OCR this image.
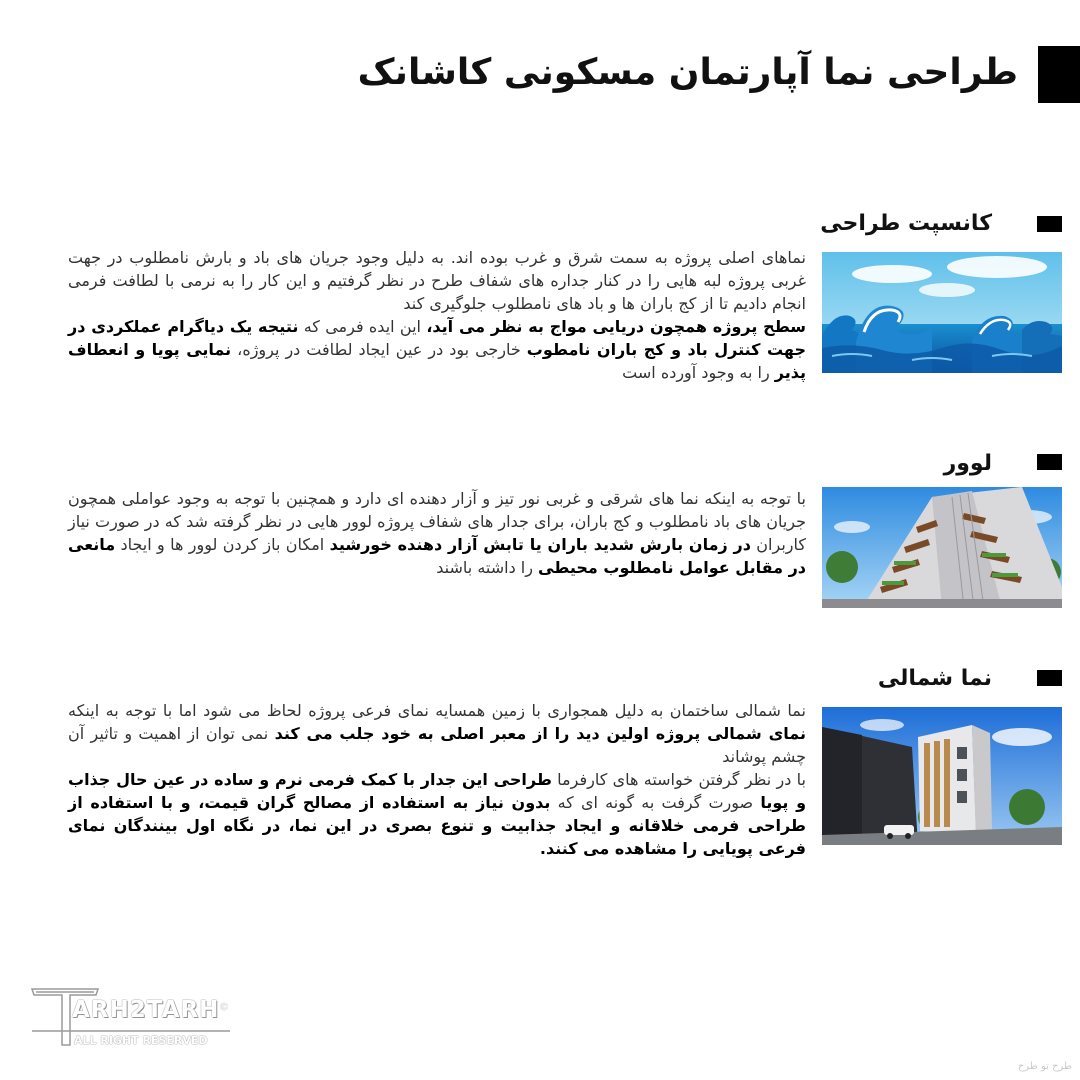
طراحی نما آپارتمان مسکونی کاشانک
کانسپت طراحی

نماهای اصلی پروژه به سمت شرق و غرب بوده اند. به دلیل وجود جریان های باد و بارش نامطلوب در جهت غربی پروژه لبه هایی را در کنار جداره های شفاف طرح در نظر گرفتیم و این کار را به نرمی با لطافت فرمی انجام دادیم تا از کج باران ها و باد های نامطلوب جلوگیری کند

سطح پروژه همچون دریایی مواج به نظر می آید، این ایده فرمی که نتیجه یک دیاگرام عملکردی در جهت کنترل باد و کج باران نامطوب خارجی بود در عین ایجاد لطافت در پروژه، نمایی پویا و انعطاف پذیر را به وجود آورده است

لوور

با توجه به اینکه نما های شرقی و غربی نور تیز و آزار دهنده ای دارد و همچنین با توجه به وجود عواملی همچون جریان های باد نامطلوب و کج باران، برای جدار های شفاف پروژه لوور هایی در نظر گرفته شد که در صورت نیاز کاربران در زمان بارش شدید باران یا تابش آزار دهنده خورشید امکان باز کردن لوور ها و ایجاد مانعی در مقابل عوامل نامطلوب محیطی را داشته باشند

نما شمالی

نما شمالی ساختمان به دلیل همجواری با زمین همسایه نمای فرعی پروژه لحاظ می شود اما با توجه به اینکه نمای شمالی پروژه اولین دید را از معبر اصلی به خود جلب می کند نمی توان از اهمیت و تاثیر آن چشم پوشاند

با در نظر گرفتن خواسته های کارفرما طراحی این جدار با کمک فرمی نرم و ساده در عین حال جذاب و پویا صورت گرفت به گونه ای که بدون نیاز به استفاده از مصالح گران قیمت، و با استفاده از طراحی فرمی خلاقانه و ایجاد جذابیت و تنوع بصری در این نما، در نگاه اول بینندگان نمای فرعی پویایی را مشاهده می کنند.

ARH2TARH
ALL RIGHT RESERVED
©
طرح تو طرح
